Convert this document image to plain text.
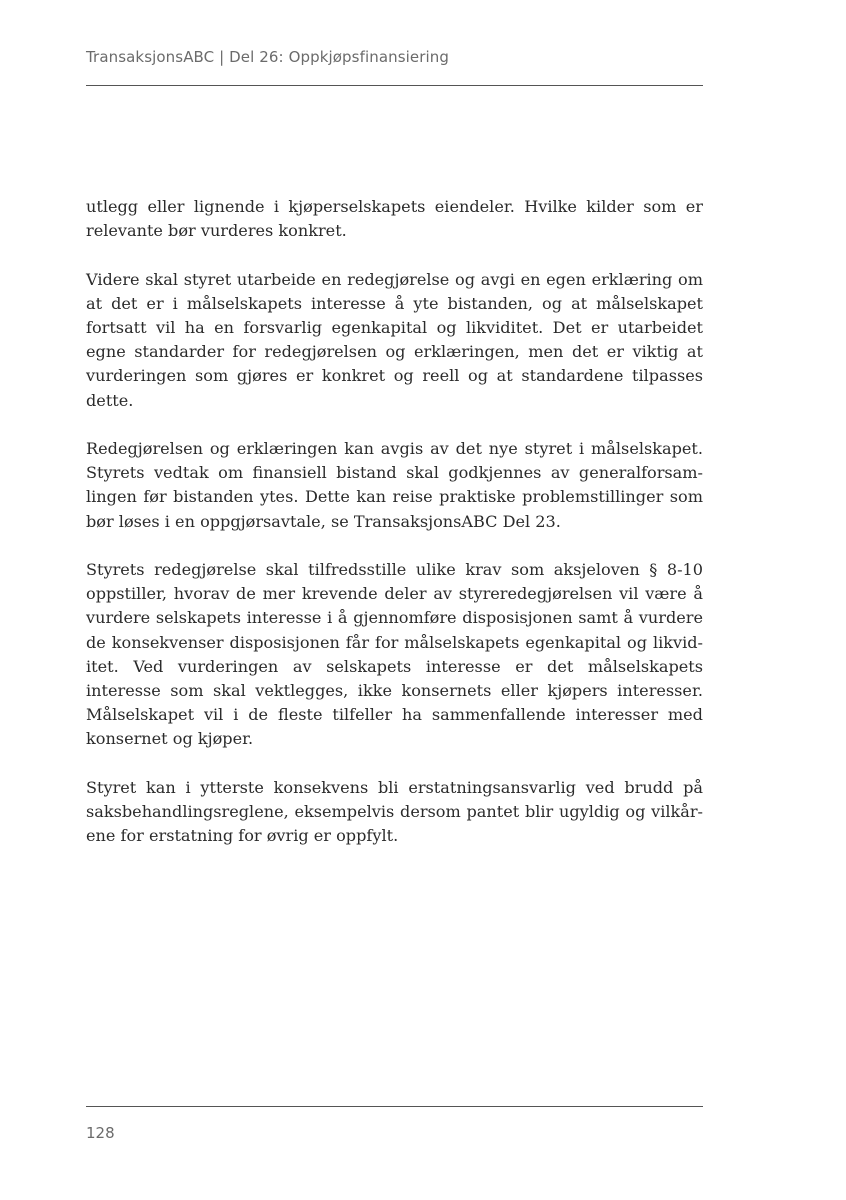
TransaksjonsABC | Del 26: Oppkjøpsfinansiering

utlegg eller lignende i kjøperselskapets eiendeler. Hvilke kilder som er relevante bør vurderes konkret.

Videre skal styret utarbeide en redegjørelse og avgi en egen erklæring om at det er i målselskapets interesse å yte bistanden, og at målselskapet fortsatt vil ha en forsvarlig egenkapital og likviditet. Det er utarbeidet egne standarder for redegjørelsen og erklæringen, men det er viktig at vurderingen som gjøres er konkret og reell og at standardene tilpasses dette.

Redegjørelsen og erklæringen kan avgis av det nye styret i målselskapet. Styrets vedtak om finansiell bistand skal godkjennes av generalforsamlingen før bistanden ytes. Dette kan reise praktiske problemstillinger som bør løses i en oppgjørsavtale, se TransaksjonsABC Del 23.

Styrets redegjørelse skal tilfredsstille ulike krav som aksjeloven § 8-10 oppstiller, hvorav de mer krevende deler av styreredegjørelsen vil være å vurdere selskapets interesse i å gjennomføre disposisjonen samt å vurdere de konsekvenser disposisjonen får for målselskapets egenkapital og likviditet. Ved vurderingen av selskapets interesse er det målselskapets interesse som skal vektlegges, ikke konsernets eller kjøpers interesser. Målselskapet vil i de fleste tilfeller ha sammenfallende interesser med konsernet og kjøper.

Styret kan i ytterste konsekvens bli erstatningsansvarlig ved brudd på saksbehandlingsreglene, eksempelvis dersom pantet blir ugyldig og vilkårene for erstatning for øvrig er oppfylt.

128
